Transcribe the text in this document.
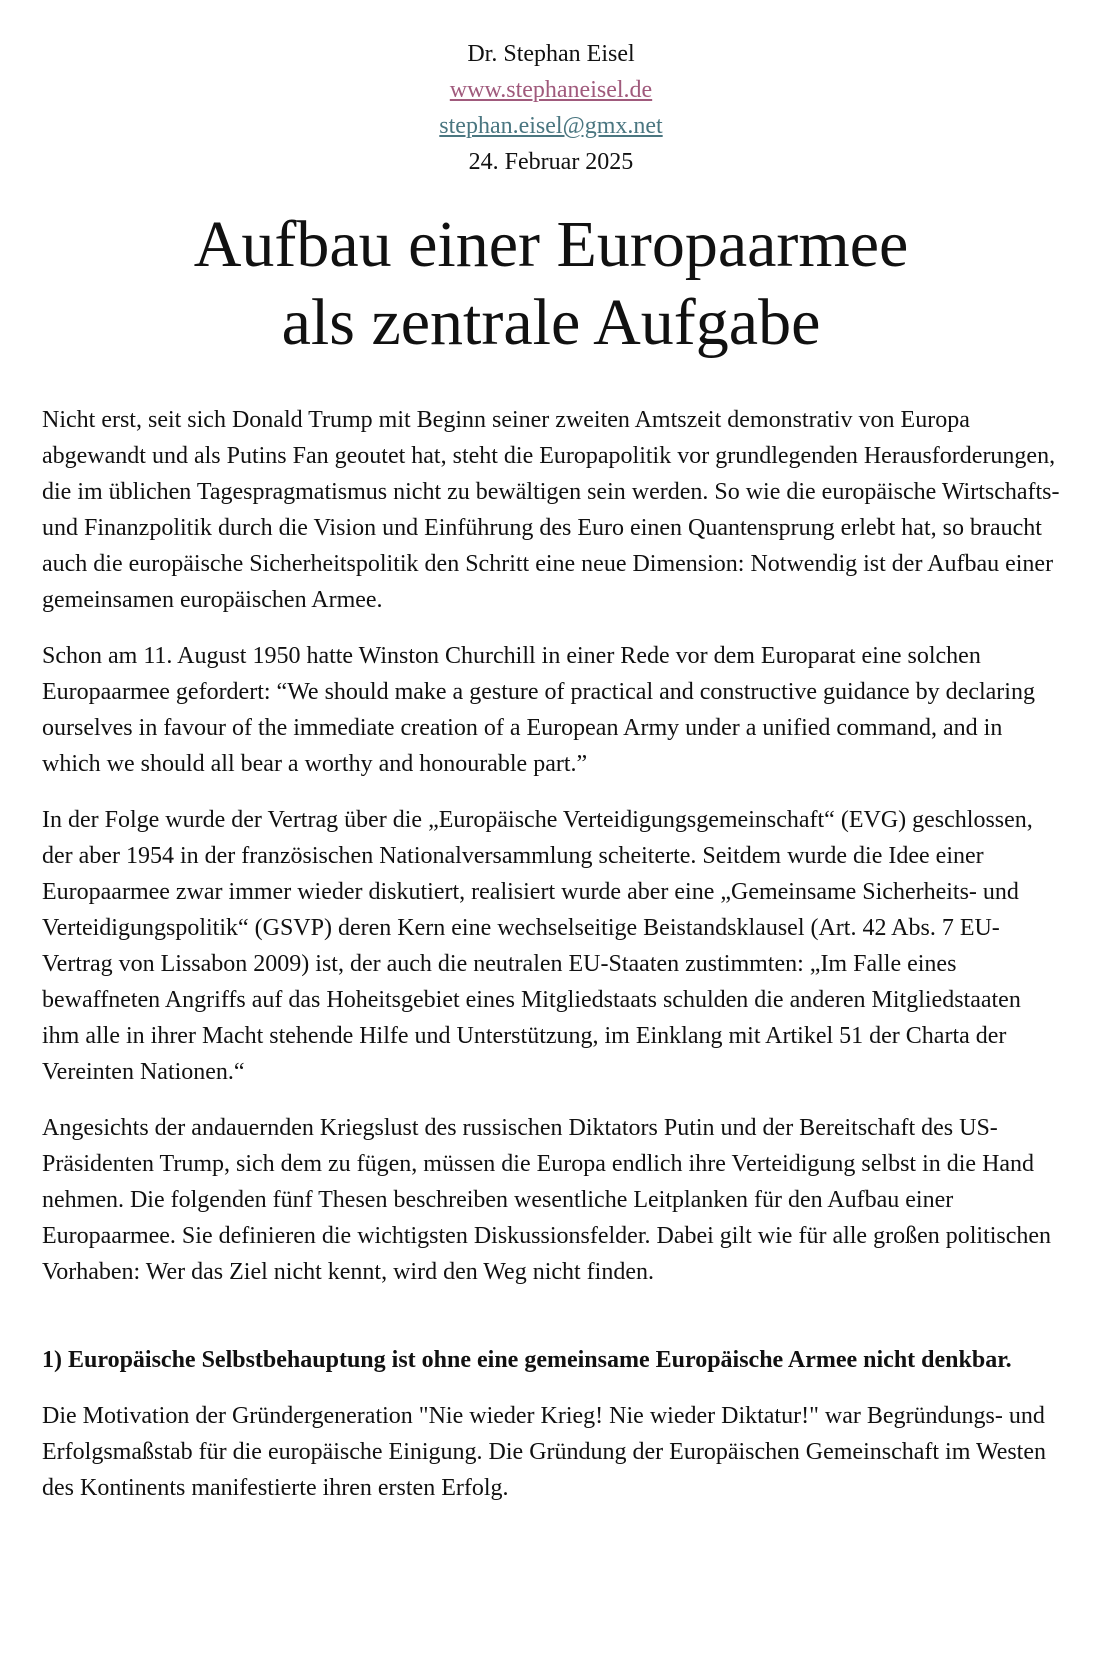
Dr. Stephan Eisel
www.stephaneisel.de
stephan.eisel@gmx.net
24. Februar 2025
Aufbau einer Europaarmee
als zentrale Aufgabe

Nicht erst, seit sich Donald Trump mit Beginn seiner zweiten Amtszeit demonstrativ von Europa abgewandt und als Putins Fan geoutet hat, steht die Europapolitik vor grundlegenden Herausforderungen, die im üblichen Tagespragmatismus nicht zu bewältigen sein werden. So wie die europäische Wirtschafts- und Finanzpolitik durch die Vision und Einführung des Euro einen Quantensprung erlebt hat, so braucht auch die europäische Sicherheitspolitik den Schritt eine neue Dimension: Notwendig ist der Aufbau einer gemeinsamen europäischen Armee.

Schon am 11. August 1950 hatte Winston Churchill in einer Rede vor dem Europarat eine solchen Europaarmee gefordert: “We should make a gesture of practical and constructive guidance by declaring ourselves in favour of the immediate creation of a European Army under a unified command, and in which we should all bear a worthy and honourable part.”

In der Folge wurde der Vertrag über die „Europäische Verteidigungsgemeinschaft“ (EVG) geschlossen, der aber 1954 in der französischen Nationalversammlung scheiterte. Seitdem wurde die Idee einer Europaarmee zwar immer wieder diskutiert, realisiert wurde aber eine „Gemeinsame Sicherheits- und Verteidigungspolitik“ (GSVP) deren Kern eine wechselseitige Beistandsklausel (Art. 42 Abs. 7 EU-Vertrag von Lissabon 2009) ist, der auch die neutralen EU-Staaten zustimmten: „Im Falle eines bewaffneten Angriffs auf das Hoheitsgebiet eines Mitgliedstaats schulden die anderen Mitgliedstaaten ihm alle in ihrer Macht stehende Hilfe und Unterstützung, im Einklang mit Artikel 51 der Charta der Vereinten Nationen.“

Angesichts der andauernden Kriegslust des russischen Diktators Putin und der Bereitschaft des US-Präsidenten Trump, sich dem zu fügen, müssen die Europa endlich ihre Verteidigung selbst in die Hand nehmen. Die folgenden fünf Thesen beschreiben wesentliche Leitplanken für den Aufbau einer Europaarmee. Sie definieren die wichtigsten Diskussionsfelder. Dabei gilt wie für alle großen politischen Vorhaben: Wer das Ziel nicht kennt, wird den Weg nicht finden.

1) Europäische Selbstbehauptung ist ohne eine gemeinsame Europäische Armee nicht denkbar.

Die Motivation der Gründergeneration "Nie wieder Krieg! Nie wieder Diktatur!" war Begründungs- und Erfolgsmaßstab für die europäische Einigung. Die Gründung der Europäischen Gemeinschaft im Westen des Kontinents manifestierte ihren ersten Erfolg.
